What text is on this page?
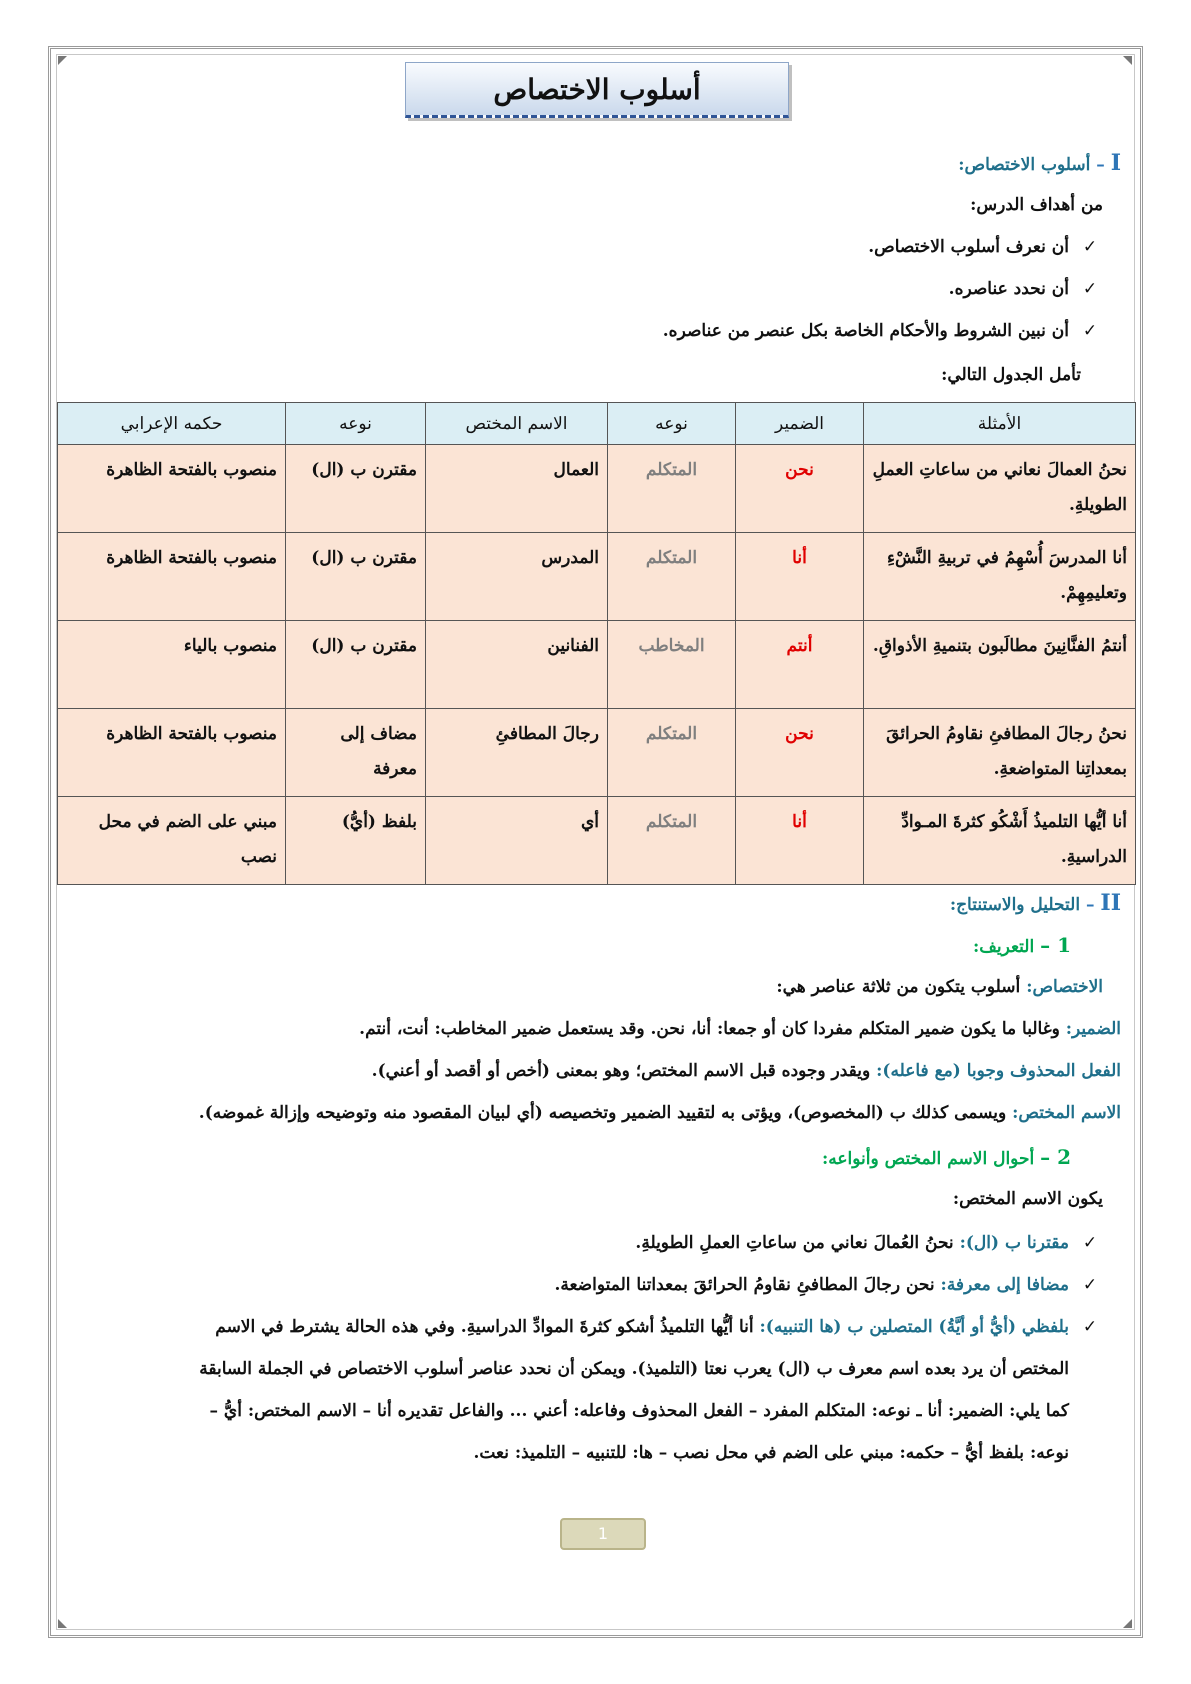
أسلوب الاختصاص
I – أسلوب الاختصاص:
من أهداف الدرس:
✓أن نعرف أسلوب الاختصاص.
✓أن نحدد عناصره.
✓أن نبين الشروط والأحكام الخاصة بكل عنصر من عناصره.
تأمل الجدول التالي:
الأمثلة	الضمير	نوعه	الاسم المختص	نوعه	حكمه الإعرابي
نحنُ العمالَ نعاني من ساعاتِ العملِ الطويلةِ.	نحن	المتكلم	العمال	مقترن ب (ال)	منصوب بالفتحة الظاهرة
أنا المدرسَ أُسْهِمُ في تربيةِ النَّشْءِ وتعليمِهِمْ.	أنا	المتكلم	المدرس	مقترن ب (ال)	منصوب بالفتحة الظاهرة
أنتمُ الفنَّانِينَ مطالَبون بتنميةِ الأذواقِ.	أنتم	المخاطب	الفنانين	مقترن ب (ال)	منصوب بالياء
نحنُ رجالَ المطافئِ نقاومُ الحرائقَ بمعداتِنا المتواضعةِ.	نحن	المتكلم	رجالَ المطافئِ	مضاف إلى معرفة	منصوب بالفتحة الظاهرة
أنا أيُّها التلميذُ أَشْكُو كثرةَ المـوادِّ الدراسيةِ.	أنا	المتكلم	أي	بلفظ (أيُّ)	مبني على الضم في محل نصب
II – التحليل والاستنتاج:
1 – التعريف:
الاختصاص: أسلوب يتكون من ثلاثة عناصر هي:
الضمير: وغالبا ما يكون ضمير المتكلم مفردا كان أو جمعا: أنا، نحن. وقد يستعمل ضمير المخاطب: أنت، أنتم.
الفعل المحذوف وجوبا (مع فاعله): ويقدر وجوده قبل الاسم المختص؛ وهو بمعنى (أخص أو أقصد أو أعني).
الاسم المختص: ويسمى كذلك ب (المخصوص)، ويؤتى به لتقييد الضمير وتخصيصه (أي لبيان المقصود منه وتوضيحه وإزالة غموضه).
2 – أحوال الاسم المختص وأنواعه:
يكون الاسم المختص:
✓مقترنا ب (ال): نحنُ العُمالَ نعاني من ساعاتِ العملِ الطويلةِ.
✓مضافا إلى معرفة: نحن رجالَ المطافئِ نقاومُ الحرائقَ بمعداتنا المتواضعة.
✓بلفظي (أيُّ أو أيَّةُ) المتصلين ب (ها التنبيه): أنا أيُّها التلميذُ أشكو كثرةَ الموادِّ الدراسيةِ. وفي هذه الحالة يشترط في الاسم
المختص أن يرد بعده اسم معرف ب (ال) يعرب نعتا (التلميذ). ويمكن أن نحدد عناصر أسلوب الاختصاص في الجملة السابقة
كما يلي: الضمير: أنا ـ نوعه: المتكلم المفرد – الفعل المحذوف وفاعله: أعني ... والفاعل تقديره أنا – الاسم المختص: أيُّ –
نوعه: بلفظ أيُّ – حكمه: مبني على الضم في محل نصب – ها: للتنبيه – التلميذ: نعت.
1
